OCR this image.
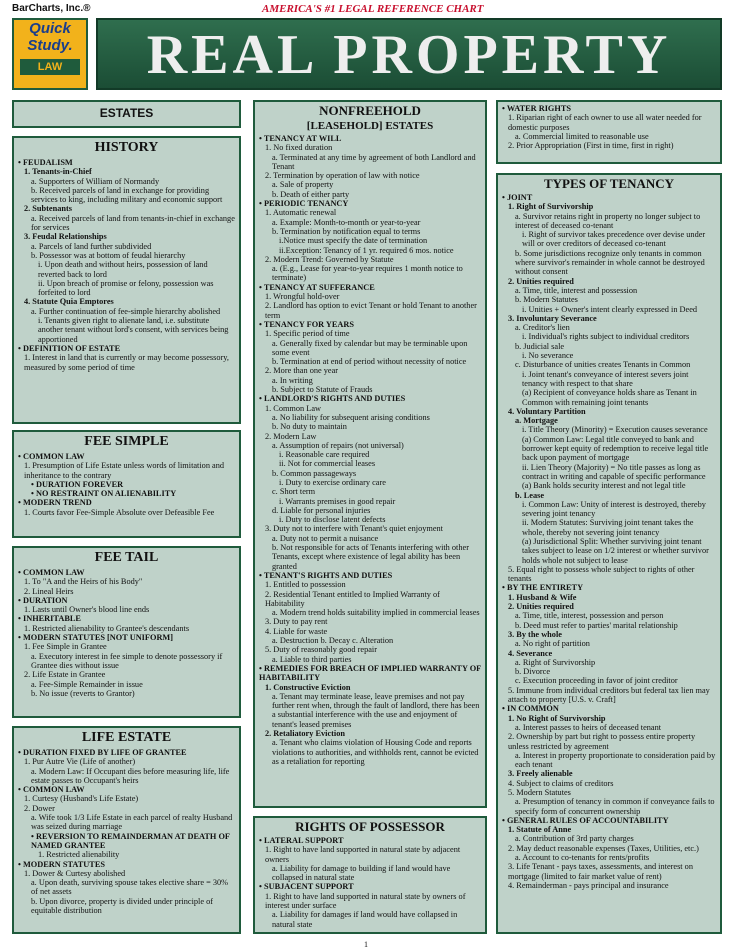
BarCharts, Inc.®	AMERICA'S #1 LEGAL REFERENCE CHART
Quick
Study.
LAW	REAL PROPERTY
ESTATES
HISTORY
• FEUDALISM
1. Tenants-in-Chief
a. Supporters of William of Normandy
b. Received parcels of land in exchange for providing services to king, including military and economic support
2. Subtenants
a. Received parcels of land from tenants-in-chief in exchange for services
3. Feudal Relationships
a. Parcels of land further subdivided
b. Possessor was at bottom of feudal hierarchy
i. Upon death and without heirs, possession of land reverted back to lord
ii. Upon breach of promise or felony, possession was forfeited to lord
4. Statute Quia Emptores
a. Further continuation of fee-simple hierarchy abolished
i. Tenants given right to alienate land, i.e. substitute another tenant without lord's consent, with services being apportioned
• DEFINITION OF ESTATE
1. Interest in land that is currently or may become possessory, measured by some period of time
FEE SIMPLE
• COMMON LAW
1. Presumption of Life Estate unless words of limitation and inheritance to the contrary
• DURATION FOREVER
• NO RESTRAINT ON ALIENABILITY
• MODERN TREND
1. Courts favor Fee-Simple Absolute over Defeasible Fee
FEE TAIL
• COMMON LAW
1. To "A and the Heirs of his Body"
2. Lineal Heirs
• DURATION
1. Lasts until Owner's blood line ends
• INHERITABLE
1. Restricted alienability to Grantee's descendants
• MODERN STATUTES [NOT UNIFORM]
1. Fee Simple in Grantee
a. Executory interest in fee simple to denote possessory if Grantee dies without issue
2. Life Estate in Grantee
a. Fee-Simple Remainder in issue
b. No issue (reverts to Grantor)
LIFE ESTATE
• DURATION FIXED BY LIFE OF GRANTEE
1. Pur Autre Vie (Life of another)
a. Modern Law: If Occupant dies before measuring life, life estate passes to Occupant's heirs
• COMMON LAW
1. Curtesy (Husband's Life Estate)
2. Dower
a. Wife took 1/3 Life Estate in each parcel of realty Husband was seized during marriage
• REVERSION TO REMAINDERMAN AT DEATH OF NAMED GRANTEE
1. Restricted alienability
• MODERN STATUTES
1. Dower & Curtesy abolished
a. Upon death, surviving spouse takes elective share = 30% of net assets
b. Upon divorce, property is divided under principle of equitable distribution
NONFREEHOLD
[LEASEHOLD] ESTATES
• TENANCY AT WILL
1. No fixed duration
a. Terminated at any time by agreement of both Landlord and Tenant
2. Termination by operation of law with notice
a. Sale of property
b. Death of either party
• PERIODIC TENANCY
1. Automatic renewal
a. Example: Month-to-month or year-to-year
b. Termination by notification equal to terms
i.Notice must specify the date of termination
ii.Exception: Tenancy of 1 yr. required 6 mos. notice
2. Modern Trend: Governed by Statute
a. (E.g., Lease for year-to-year requires 1 month notice to terminate)
• TENANCY AT SUFFERANCE
1. Wrongful hold-over
2. Landlord has option to evict Tenant or hold Tenant to another term
• TENANCY FOR YEARS
1. Specific period of time
a. Generally fixed by calendar but may be terminable upon some event
b. Termination at end of period without necessity of notice
2. More than one year
a. In writing
b. Subject to Statute of Frauds
• LANDLORD'S RIGHTS AND DUTIES
1. Common Law
a. No liability for subsequent arising conditions
b. No duty to maintain
2. Modern Law
a. Assumption of repairs (not universal)
i. Reasonable care required
ii. Not for commercial leases
b. Common passageways
i. Duty to exercise ordinary care
c. Short term
i. Warrants premises in good repair
d. Liable for personal injuries
i. Duty to disclose latent defects
3. Duty not to interfere with Tenant's quiet enjoyment
a. Duty not to permit a nuisance
b. Not responsible for acts of Tenants interfering with other Tenants, except where existence of legal ability has been granted
• TENANT'S RIGHTS AND DUTIES
1. Entitled to possession
2. Residential Tenant entitled to Implied Warranty of Habitability
a. Modern trend holds suitability implied in commercial leases
3. Duty to pay rent
4. Liable for waste
a. Destruction b. Decay c. Alteration
5. Duty of reasonably good repair
a. Liable to third parties
• REMEDIES FOR BREACH OF IMPLIED WARRANTY OF HABITABILITY
1. Constructive Eviction
a. Tenant may terminate lease, leave premises and not pay further rent when, through the fault of landlord, there has been a substantial interference with the use and enjoyment of tenant's leased premises
2. Retaliatory Eviction
a. Tenant who claims violation of Housing Code and reports violations to authorities, and withholds rent, cannot be evicted as a retaliation for reporting
RIGHTS OF POSSESSOR
• LATERAL SUPPORT
1. Right to have land supported in natural state by adjacent owners
a. Liability for damage to building if land would have collapsed in natural state
• SUBJACENT SUPPORT
1. Right to have land supported in natural state by owners of interest under surface
a. Liability for damages if land would have collapsed in natural state
• WATER RIGHTS
1. Riparian right of each owner to use all water needed for domestic purposes
a. Commercial limited to reasonable use
2. Prior Appropriation (First in time, first in right)
TYPES OF TENANCY
• JOINT
1. Right of Survivorship
a. Survivor retains right in property no longer subject to interest of deceased co-tenant
i. Right of survivor takes precedence over devise under will or over creditors of deceased co-tenant
b. Some jurisdictions recognize only tenants in common where survivor's remainder in whole cannot be destroyed without consent
2. Unities required
a. Time, title, interest and possession
b. Modern Statutes
i. Unities + Owner's intent clearly expressed in Deed
3. Involuntary Severance
a. Creditor's lien
i. Individual's rights subject to individual creditors
b. Judicial sale
i. No severance
c. Disturbance of unities creates Tenants in Common
i. Joint tenant's conveyance of interest severs joint tenancy with respect to that share
(a) Recipient of conveyance holds share as Tenant in Common with remaining joint tenants
4. Voluntary Partition
a. Mortgage
i. Title Theory (Minority) = Execution causes severance
(a) Common Law: Legal title conveyed to bank and borrower kept equity of redemption to receive legal title back upon payment of mortgage
ii. Lien Theory (Majority) = No title passes as long as contract in writing and capable of specific performance
(a) Bank holds security interest and not legal title
b. Lease
i. Common Law: Unity of interest is destroyed, thereby severing joint tenancy
ii. Modern Statutes: Surviving joint tenant takes the whole, thereby not severing joint tenancy
(a) Jurisdictional Split: Whether surviving joint tenant takes subject to lease on 1/2 interest or whether survivor holds whole not subject to lease
5. Equal right to possess whole subject to rights of other tenants
• BY THE ENTIRETY
1. Husband & Wife
2. Unities required
a. Time, title, interest, possession and person
b. Deed must refer to parties' marital relationship
3. By the whole
a. No right of partition
4. Severance
a. Right of Survivorship
b. Divorce
c. Execution proceeding in favor of joint creditor
5. Immune from individual creditors but federal tax lien may attach to property [U.S. v. Craft]
• IN COMMON
1. No Right of Survivorship
a. Interest passes to heirs of deceased tenant
2. Ownership by part but right to possess entire property unless restricted by agreement
a. Interest in property proportionate to consideration paid by each tenant
3. Freely alienable
4. Subject to claims of creditors
5. Modern Statutes
a. Presumption of tenancy in common if conveyance fails to specify form of concurrent ownership
• GENERAL RULES OF ACCOUNTABILITY
1. Statute of Anne
a. Contribution of 3rd party charges
2. May deduct reasonable expenses (Taxes, Utilities, etc.)
a. Account to co-tenants for rents/profits
3. Life Tenant - pays taxes, assessments, and interest on mortgage (limited to fair market value of rent)
4. Remainderman - pays principal and insurance
1
